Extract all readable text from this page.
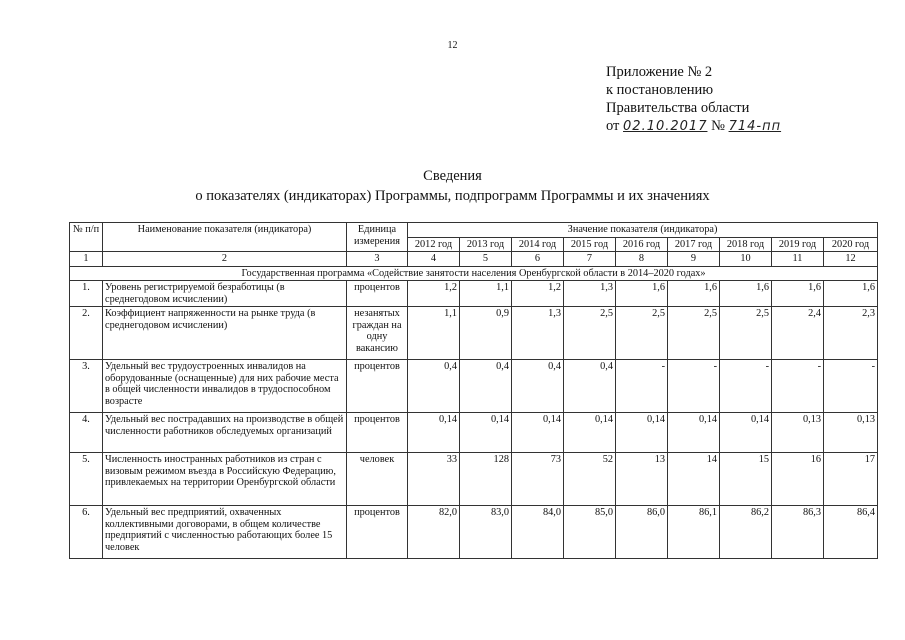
12
Приложение № 2
к постановлению
Правительства области
от 02.10.2017 № 714-пп
Сведения
о показателях (индикаторах) Программы, подпрограмм Программы и их значениях
№ п/п	Наименование показателя (индикатора)	Единица измерения	Значение показателя (индикатора)								
			2012 год	2013 год	2014 год	2015 год	2016 год	2017 год	2018 год	2019 год	2020 год
1	2	3	4	5	6	7	8	9	10	11	12
Государственная программа «Содействие занятости населения Оренбургской области в 2014–2020 годах»											
1.	Уровень регистрируемой безработицы (в среднегодовом исчислении)	процентов	1,2	1,1	1,2	1,3	1,6	1,6	1,6	1,6	1,6
2.	Коэффициент напряженности на рынке труда (в среднегодовом исчислении)	незанятых граждан на одну вакансию	1,1	0,9	1,3	2,5	2,5	2,5	2,5	2,4	2,3
3.	Удельный вес трудоустроенных инвалидов на оборудованные (оснащенные) для них рабочие места в общей численности инвалидов в трудоспособном возрасте	процентов	0,4	0,4	0,4	0,4	-	-	-	-	-
4.	Удельный вес пострадавших на производстве в общей численности работников обследуемых организаций	процентов	0,14	0,14	0,14	0,14	0,14	0,14	0,14	0,13	0,13
5.	Численность иностранных работников из стран с визовым режимом въезда в Российскую Федерацию, привлекаемых на территории Оренбургской области	человек	33	128	73	52	13	14	15	16	17
6.	Удельный вес предприятий, охваченных коллективными договорами, в общем количестве предприятий с численностью работающих более 15 человек	процентов	82,0	83,0	84,0	85,0	86,0	86,1	86,2	86,3	86,4
